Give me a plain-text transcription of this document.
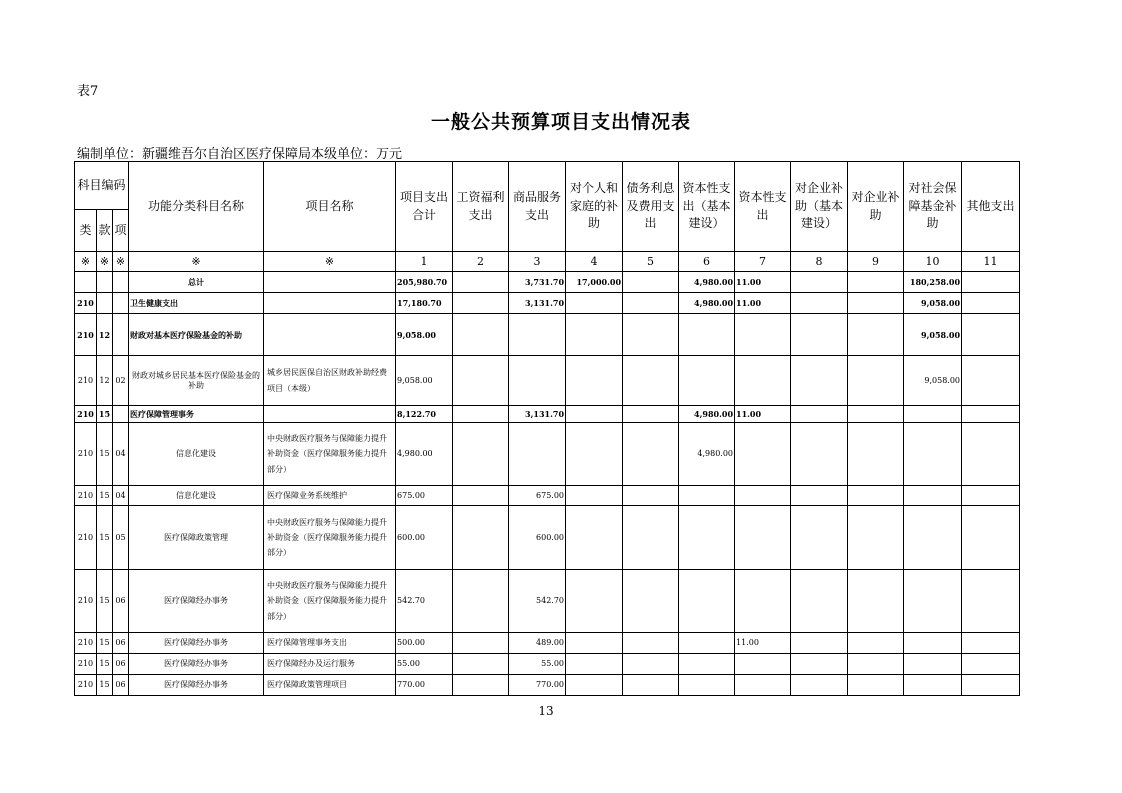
表7
一般公共预算项目支出情况表
编制单位：新疆维吾尔自治区医疗保障局本级单位：万元
科目编码			功能分类科目名称	项目名称	项目支出合计	工资福利支出	商品服务支出	对个人和家庭的补助	债务利息及费用支出	资本性支出（基本建设）	资本性支出	对企业补助（基本建设）	对企业补助	对社会保障基金补助	其他支出
类	款	项													
※	※	※	※	※	1	2	3	4	5	6	7	8	9	10	11
			总计		205,980.70		3,731.70	17,000.00		4,980.00	11.00			180,258.00	
210			卫生健康支出		17,180.70		3,131.70			4,980.00	11.00			9,058.00	
210	12		财政对基本医疗保险基金的补助		9,058.00									9,058.00	
210	12	02	财政对城乡居民基本医疗保险基金的补助	城乡居民医保自治区财政补助经费项目（本级）	9,058.00									9,058.00	
210	15		医疗保障管理事务		8,122.70		3,131.70			4,980.00	11.00				
210	15	04	信息化建设	中央财政医疗服务与保障能力提升补助资金（医疗保障服务能力提升部分）	4,980.00					4,980.00					
210	15	04	信息化建设	医疗保障业务系统维护	675.00		675.00								
210	15	05	医疗保障政策管理	中央财政医疗服务与保障能力提升补助资金（医疗保障服务能力提升部分）	600.00		600.00								
210	15	06	医疗保障经办事务	中央财政医疗服务与保障能力提升补助资金（医疗保障服务能力提升部分）	542.70		542.70								
210	15	06	医疗保障经办事务	医疗保障管理事务支出	500.00		489.00				11.00				
210	15	06	医疗保障经办事务	医疗保障经办及运行服务	55.00		55.00								
210	15	06	医疗保障经办事务	医疗保障政策管理项目	770.00		770.00								
13
